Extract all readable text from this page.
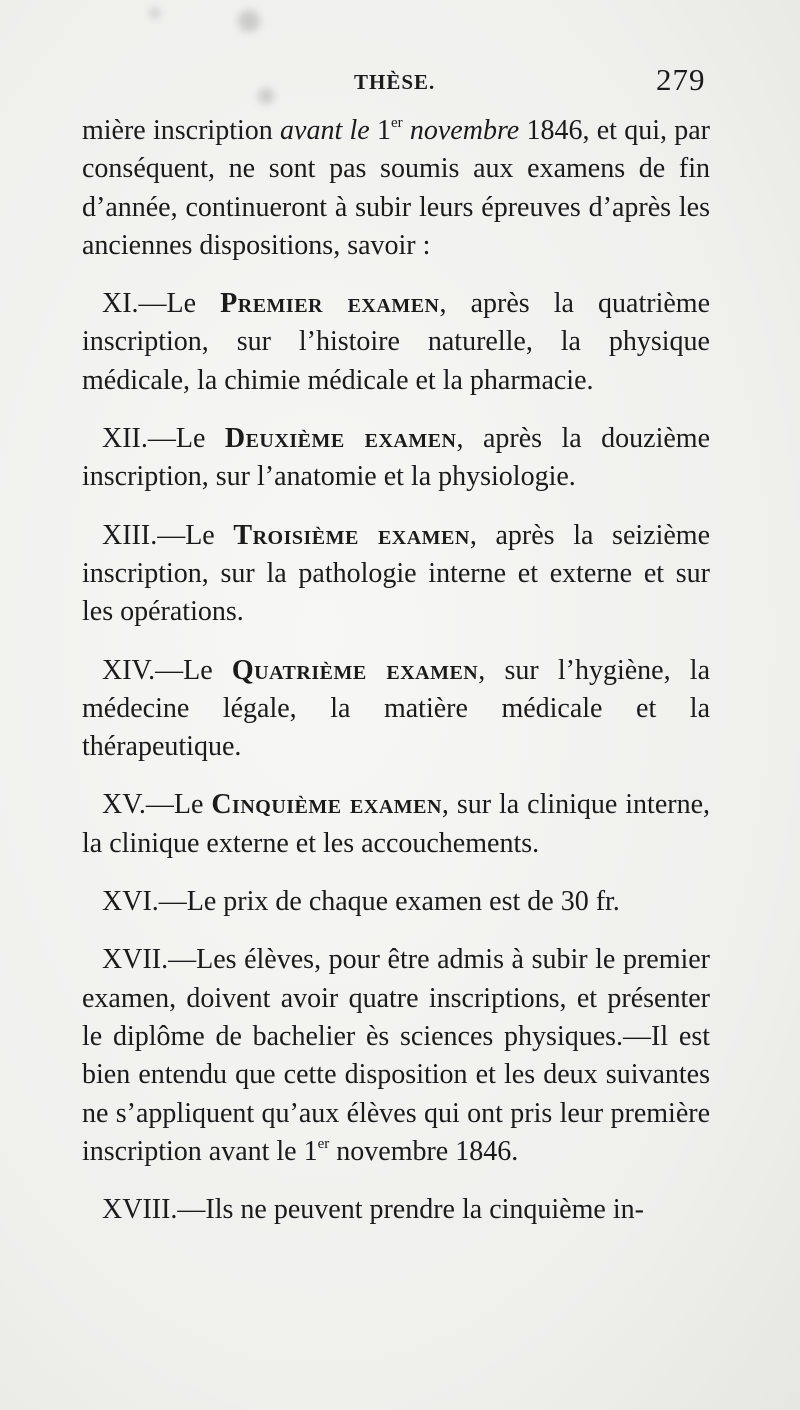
THÈSE.	279

mière inscription avant le 1er novembre 1846, et qui, par conséquent, ne sont pas soumis aux examens de fin d’année, continueront à subir leurs épreuves d’après les anciennes dispositions, savoir :

XI.—Le Premier examen, après la quatrième inscription, sur l’histoire naturelle, la physique médicale, la chimie médicale et la pharmacie.

XII.—Le Deuxième examen, après la douzième inscription, sur l’anatomie et la physiologie.

XIII.—Le Troisième examen, après la seizième inscription, sur la pathologie interne et externe et sur les opérations.

XIV.—Le Quatrième examen, sur l’hygiène, la médecine légale, la matière médicale et la thérapeutique.

XV.—Le Cinquième examen, sur la clinique interne, la clinique externe et les accouchements.

XVI.—Le prix de chaque examen est de 30 fr.

XVII.—Les élèves, pour être admis à subir le premier examen, doivent avoir quatre inscriptions, et présenter le diplôme de bachelier ès sciences physiques.—Il est bien entendu que cette disposition et les deux suivantes ne s’appliquent qu’aux élèves qui ont pris leur première inscription avant le 1er novembre 1846.

XVIII.—Ils ne peuvent prendre la cinquième in-
